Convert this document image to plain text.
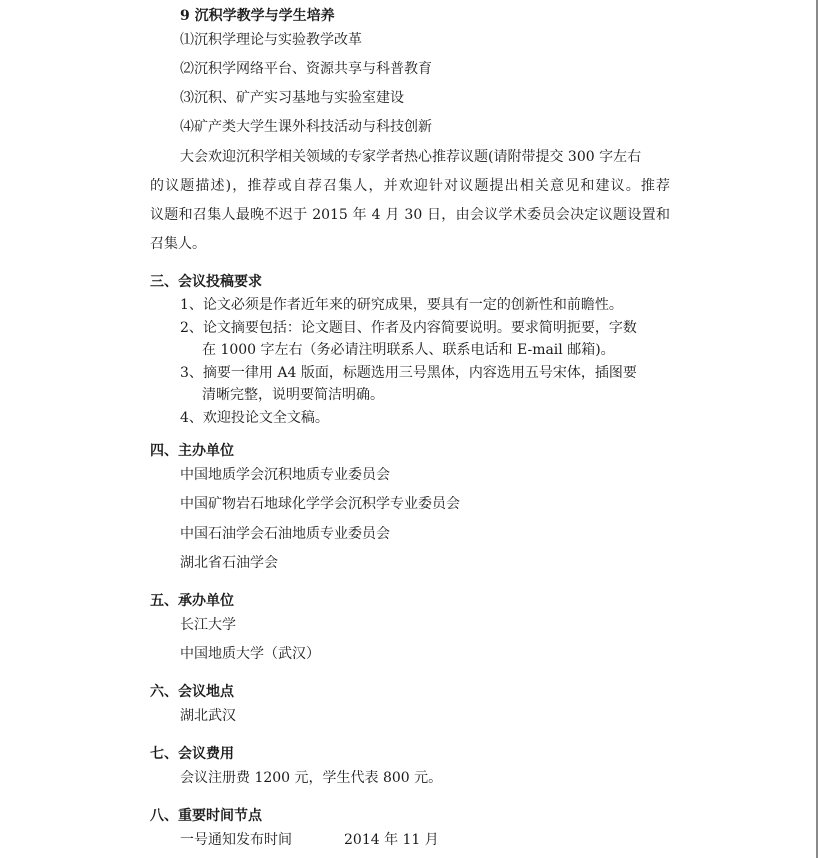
9 沉积学教学与学生培养
⑴沉积学理论与实验教学改革
⑵沉积学网络平台、资源共享与科普教育
⑶沉积、矿产实习基地与实验室建设
⑷矿产类大学生课外科技活动与科技创新
大会欢迎沉积学相关领域的专家学者热心推荐议题(请附带提交 300 字左右
的议题描述)，推荐或自荐召集人，并欢迎针对议题提出相关意见和建议。推荐
议题和召集人最晚不迟于 2015 年 4 月 30 日，由会议学术委员会决定议题设置和
召集人。
三、会议投稿要求
1、论文必须是作者近年来的研究成果，要具有一定的创新性和前瞻性。
2、论文摘要包括：论文题目、作者及内容简要说明。要求简明扼要，字数
在 1000 字左右（务必请注明联系人、联系电话和 E-mail 邮箱)。
3、摘要一律用 A4 版面，标题选用三号黑体，内容选用五号宋体，插图要
清晰完整，说明要简洁明确。
4、欢迎投论文全文稿。
四、主办单位
中国地质学会沉积地质专业委员会
中国矿物岩石地球化学学会沉积学专业委员会
中国石油学会石油地质专业委员会
湖北省石油学会
五、承办单位
长江大学
中国地质大学（武汉）
六、会议地点
湖北武汉
七、会议费用
会议注册费 1200 元，学生代表 800 元。
八、重要时间节点
一号通知发布时间	2014 年 11 月
